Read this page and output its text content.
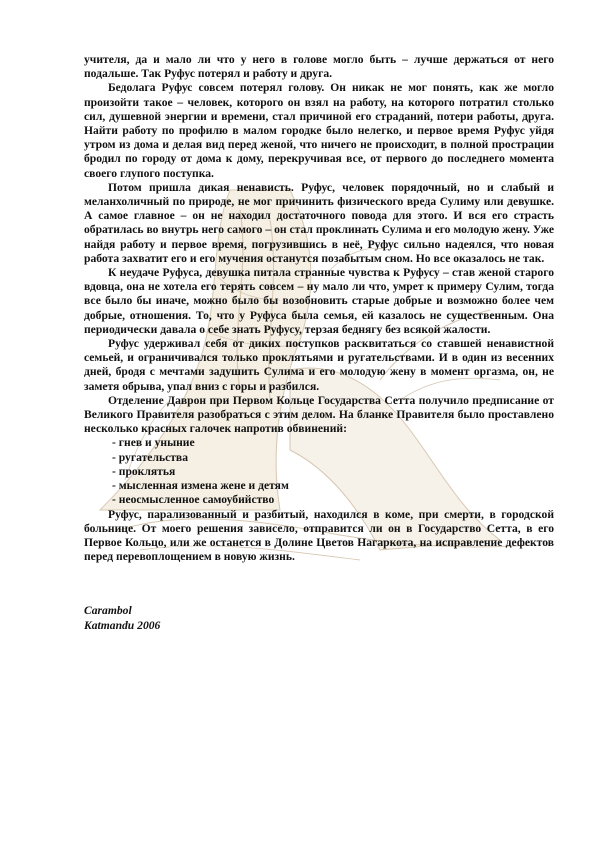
учителя, да и мало ли что у него в голове могло быть – лучше держаться от него подальше. Так Руфус потерял и работу и друга.

Бедолага Руфус совсем потерял голову. Он никак не мог понять, как же могло произойти такое – человек, которого он взял на работу, на которого потратил столько сил, душевной энергии и времени, стал причиной его страданий, потери работы, друга. Найти работу по профилю в малом городке было нелегко, и первое время Руфус уйдя утром из дома и делая вид перед женой, что ничего не происходит, в полной прострации бродил по городу от дома к дому, перекручивая все, от первого до последнего момента своего глупого поступка.

Потом пришла дикая ненависть. Руфус, человек порядочный, но и слабый и меланхоличный по природе, не мог причинить физического вреда Сулиму или девушке. А самое главное – он не находил достаточного повода для этого. И вся его страсть обратилась во внутрь него самого – он стал проклинать Сулима и его молодую жену. Уже найдя работу и первое время, погрузившись в неё, Руфус сильно надеялся, что новая работа захватит его и его мучения останутся позабытым сном. Но все оказалось не так.

К неудаче Руфуса, девушка питала странные чувства к Руфусу – став женой старого вдовца, она не хотела его терять совсем – ну мало ли что, умрет к примеру Сулим, тогда все было бы иначе, можно было бы возобновить старые добрые и возможно более чем добрые, отношения. То, что у Руфуса была семья, ей казалось не существенным. Она периодически давала о себе знать Руфусу, терзая беднягу без всякой жалости.

Руфус удерживал себя от диких поступков расквитаться со ставшей ненавистной семьей, и ограничивался только проклятьями и ругательствами. И в один из весенних дней, бродя с мечтами задушить Сулима и его молодую жену в момент оргазма, он, не заметя обрыва, упал вниз с горы и разбился.

Отделение Даврон при Первом Кольце Государства Сетта получило предписание от Великого Правителя разобраться с этим делом. На бланке Правителя было проставлено несколько красных галочек напротив обвинений:

- гнев и уныние
- ругательства
- проклятья
- мысленная измена жене и детям
- неосмысленное самоубийство

Руфус, парализованный и разбитый, находился в коме, при смерти, в городской больнице. От моего решения зависело, отправится ли он в Государство Сетта, в его Первое Кольцо, или же останется в Долине Цветов Нагаркота, на исправление дефектов перед перевоплощением в новую жизнь.

Carambol
Katmandu 2006
